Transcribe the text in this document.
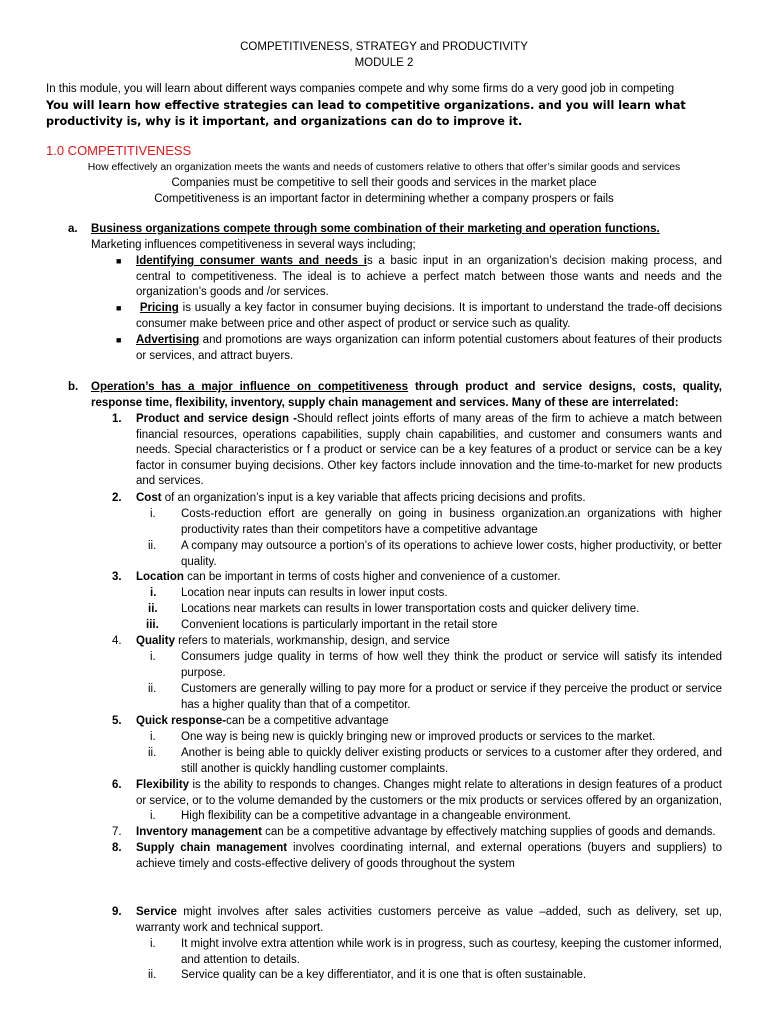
COMPETITIVENESS, STRATEGY and PRODUCTIVITY
MODULE 2
In this module, you will learn about different ways companies compete and why some firms do a very good job in competing
You will learn how effective strategies can lead to competitive organizations. and you will learn what productivity is, why is it important, and organizations can do to improve it.
1.0 COMPETITIVENESS
How effectively an organization meets the wants and needs of customers relative to others that offer’s similar goods and services
Companies must be competitive to sell their goods and services in the market place
Competitiveness is an important factor in determining whether a company prospers or fails
a. Business organizations compete through some combination of their marketing and operation functions.
Marketing influences competitiveness in several ways including;
■ Identifying consumer wants and needs is a basic input in an organization’s decision making process, and central to competitiveness. The ideal is to achieve a perfect match between those wants and needs and the organization’s goods and /or services.
■	Pricing is usually a key factor in consumer buying decisions. It is important to understand the trade-off decisions consumer make between price and other aspect of product or service such as quality.
■ Advertising and promotions are ways organization can inform potential customers about features of their products or services, and attract buyers.
b. Operation’s has a major influence on competitiveness through product and service designs, costs, quality, response time, flexibility, inventory, supply chain management and services. Many of these are interrelated:
1. Product and service design -Should reflect joints efforts of many areas of the firm to achieve a match between financial resources, operations capabilities, supply chain capabilities, and customer and consumers wants and needs. Special characteristics or f a product or service can be a key features of a product or service can be a key factor in consumer buying decisions. Other key factors include innovation and the time-to-market for new products and services.
2. Cost of an organization’s input is a key variable that affects pricing decisions and profits.
i. Costs-reduction effort are generally on going in business organization.an organizations with higher productivity rates than their competitors have a competitive advantage
ii. A company may outsource a portion’s of its operations to achieve lower costs, higher productivity, or better quality.
3. Location can be important in terms of costs higher and convenience of a customer.
i. Location near inputs can results in lower input costs.
ii. Locations near markets can results in lower transportation costs and quicker delivery time.
iii. Convenient locations is particularly important in the retail store
4. Quality refers to materials, workmanship, design, and service
i. Consumers judge quality in terms of how well they think the product or service will satisfy its intended purpose.
ii. Customers are generally willing to pay more for a product or service if they perceive the product or service has a higher quality than that of a competitor.
5. Quick response-can be a competitive advantage
i. One way is being new is quickly bringing new or improved products or services to the market.
ii. Another is being able to quickly deliver existing products or services to a customer after they ordered, and still another is quickly handling customer complaints.
6. Flexibility is the ability to responds to changes. Changes might relate to alterations in design features of a product or service, or to the volume demanded by the customers or the mix products or services offered by an organization,
i. High flexibility can be a competitive advantage in a changeable environment.
7. Inventory management can be a competitive advantage by effectively matching supplies of goods and demands.
8. Supply chain management involves coordinating internal, and external operations (buyers and suppliers) to achieve timely and costs-effective delivery of goods throughout the system
9. Service might involves after sales activities customers perceive as value –added, such as delivery, set up, warranty work and technical support.
i. It might involve extra attention while work is in progress, such as courtesy, keeping the customer informed, and attention to details.
ii. Service quality can be a key differentiator, and it is one that is often sustainable.
